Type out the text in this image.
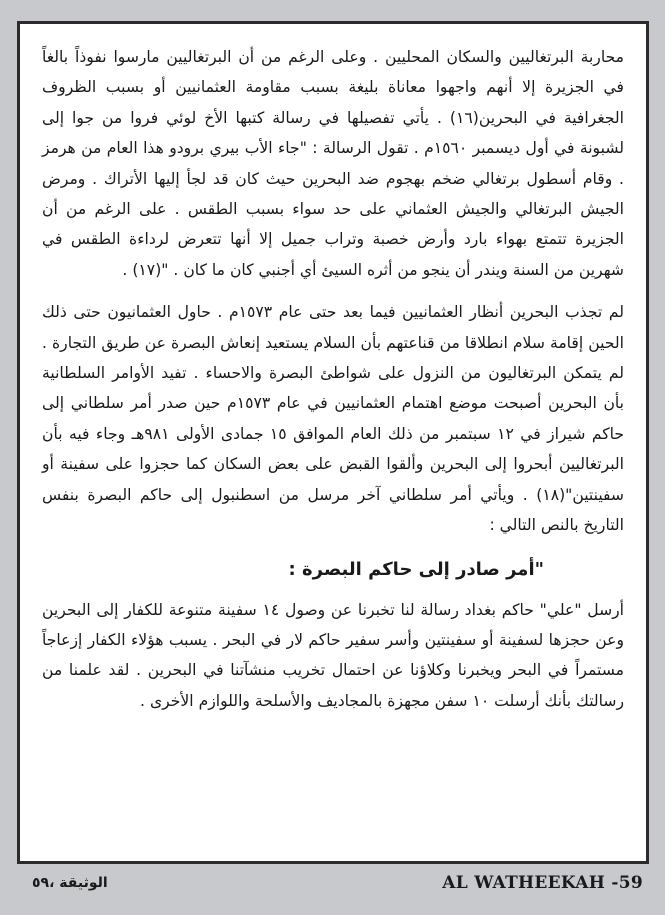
محاربة البرتغاليين والسكان المحليين . وعلى الرغم من أن البرتغاليين مارسوا نفوذاً بالغاً في الجزيرة إلا أنهم واجهوا معاناة بليغة بسبب مقاومة العثمانيين أو بسبب الظروف الجغرافية في البحرين(١٦) . يأتي تفصيلها في رسالة كتبها الأخ لوئي فروا من جوا إلى لشبونة في أول ديسمبر ١٥٦٠م . تقول الرسالة : "جاء الأب بيري برودو هذا العام من هرمز . وقام أسطول برتغالي ضخم بهجوم ضد البحرين حيث كان قد لجأ إليها الأتراك . ومرض الجيش البرتغالي والجيش العثماني على حد سواء بسبب الطقس . على الرغم من أن الجزيرة تتمتع بهواء بارد وأرض خصبة وتراب جميل إلا أنها تتعرض لرداءة الطقس في شهرين من السنة ويندر أن ينجو من أثره السيئ أي أجنبي كان ما كان . "(١٧) .

لم تجذب البحرين أنظار العثمانيين فيما بعد حتى عام ١٥٧٣م . حاول العثمانيون حتى ذلك الحين إقامة سلام انطلاقا من قناعتهم بأن السلام يستعيد إنعاش البصرة عن طريق التجارة . لم يتمكن البرتغاليون من النزول على شواطئ البصرة والاحساء . تفيد الأوامر السلطانية بأن البحرين أصبحت موضع اهتمام العثمانيين في عام ١٥٧٣م حين صدر أمر سلطاني إلى حاكم شيراز في ١٢ سبتمبر من ذلك العام الموافق ١٥ جمادى الأولى ٩٨١هـ وجاء فيه بأن البرتغاليين أبحروا إلى البحرين وألقوا القبض على بعض السكان كما حجزوا على سفينة أو سفينتين"(١٨) . ويأتي أمر سلطاني آخر مرسل من اسطنبول إلى حاكم البصرة بنفس التاريخ بالنص التالي :

"أمر صادر إلى حاكم البصرة :

أرسل "علي" حاكم بغداد رسالة لنا تخبرنا عن وصول ١٤ سفينة متنوعة للكفار إلى البحرين وعن حجزها لسفينة أو سفينتين وأسر سفير حاكم لار في البحر . يسبب هؤلاء الكفار إزعاجاً مستمراً في البحر ويخبرنا وكلاؤنا عن احتمال تخريب منشآتنا في البحرين . لقد علمنا من رسالتك بأنك أرسلت ١٠ سفن مجهزة بالمجاديف والأسلحة واللوازم الأخرى .

AL WATHEEKAH -59
الوثيقة ،٥٩
